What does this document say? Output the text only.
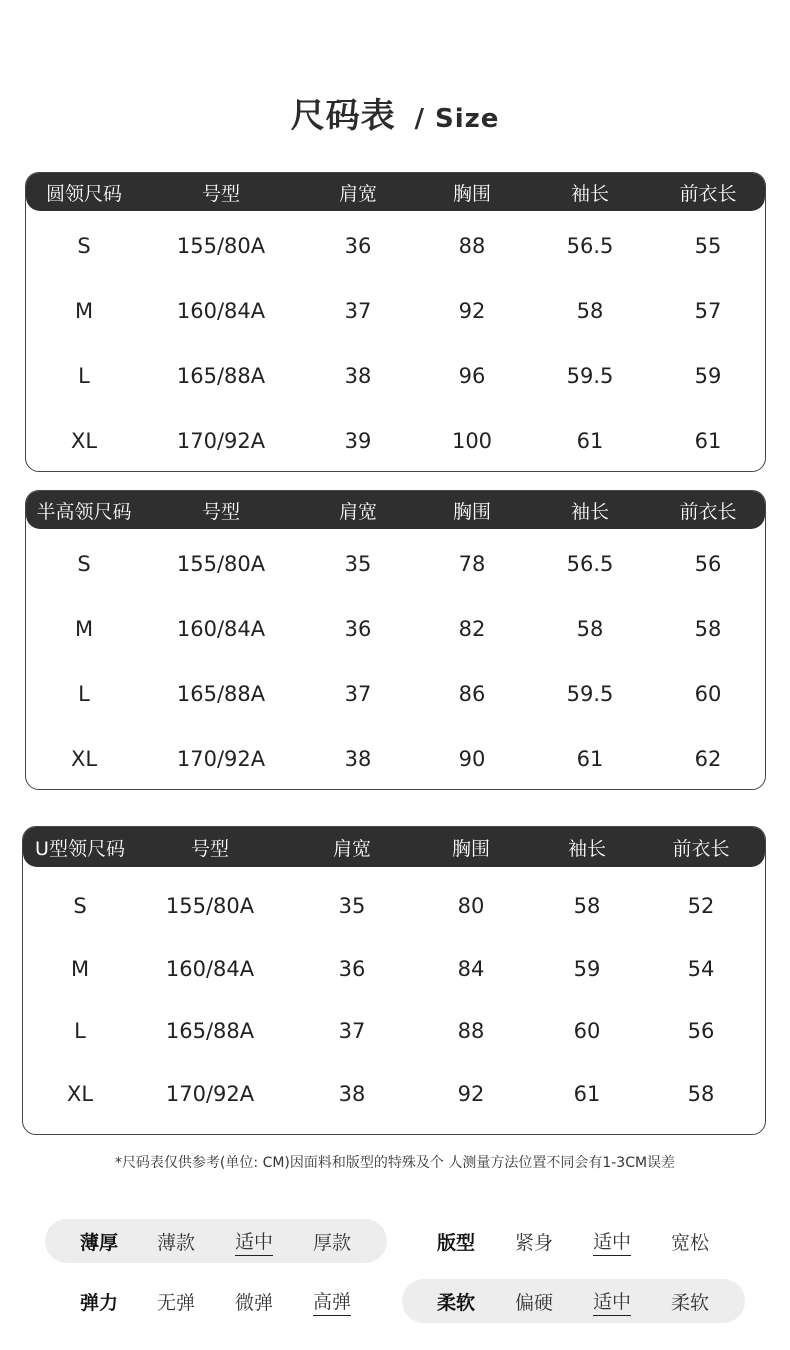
尺码表 / Size
圆领尺码	号型	肩宽	胸围	袖长	前衣长
S	155/80A	36	88	56.5	55
M	160/84A	37	92	58	57
L	165/88A	38	96	59.5	59
XL	170/92A	39	100	61	61
半高领尺码	号型	肩宽	胸围	袖长	前衣长
S	155/80A	35	78	56.5	56
M	160/84A	36	82	58	58
L	165/88A	37	86	59.5	60
XL	170/92A	38	90	61	62
U型领尺码	号型	肩宽	胸围	袖长	前衣长
S	155/80A	35	80	58	52
M	160/84A	36	84	59	54
L	165/88A	37	88	60	56
XL	170/92A	38	92	61	58
*尺码表仅供参考(单位: CM)因面料和版型的特殊及个 人测量方法位置不同会有1-3CM误差
薄厚 薄款 适中 厚款	版型 紧身 适中 宽松
弹力 无弹 微弹 高弹	柔软 偏硬 适中 柔软
